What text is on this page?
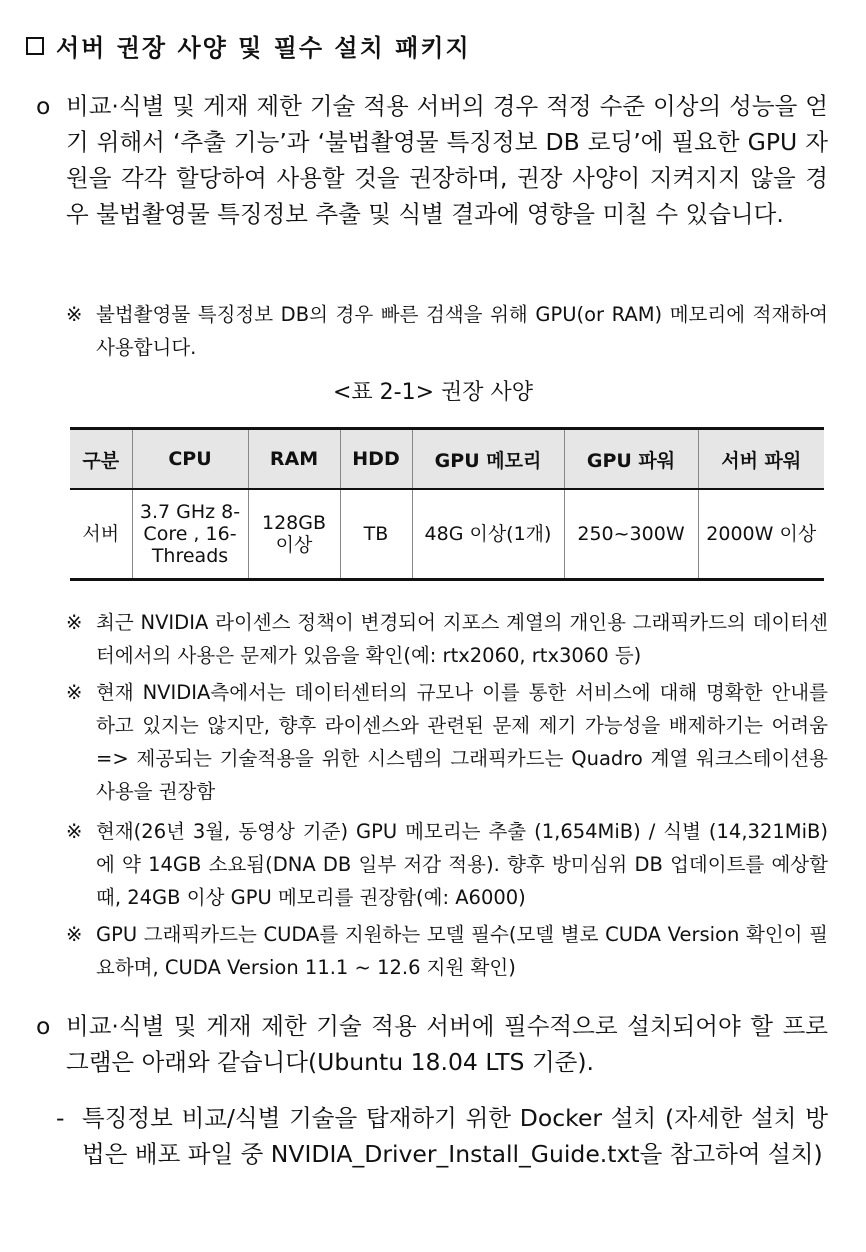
서버 권장 사양 및 필수 설치 패키지
o 비교·식별 및 게재 제한 기술 적용 서버의 경우 적정 수준 이상의 성능을 얻기 위해서 ‘추출 기능’과 ‘불법촬영물 특징정보 DB 로딩’에 필요한 GPU 자원을 각각 할당하여 사용할 것을 권장하며, 권장 사양이 지켜지지 않을 경우 불법촬영물 특징정보 추출 및 식별 결과에 영향을 미칠 수 있습니다.
※ 불법촬영물 특징정보 DB의 경우 빠른 검색을 위해 GPU(or RAM) 메모리에 적재하여 사용합니다.
<표 2-1> 권장 사양
구분	CPU	RAM	HDD	GPU 메모리	GPU 파워	서버 파워
서버	3.7 GHz 8-Core , 16-Threads	128GB 이상	TB	48G 이상(1개)	250~300W	2000W 이상
※ 최근 NVIDIA 라이센스 정책이 변경되어 지포스 계열의 개인용 그래픽카드의 데이터센터에서의 사용은 문제가 있음을 확인(예: rtx2060, rtx3060 등)
※ 현재 NVIDIA측에서는 데이터센터의 규모나 이를 통한 서비스에 대해 명확한 안내를 하고 있지는 않지만, 향후 라이센스와 관련된 문제 제기 가능성을 배제하기는 어려움 => 제공되는 기술적용을 위한 시스템의 그래픽카드는 Quadro 계열 워크스테이션용 사용을 권장함
※ 현재(26년 3월, 동영상 기준) GPU 메모리는 추출 (1,654MiB) / 식별 (14,321MiB)에 약 14GB 소요됨(DNA DB 일부 저감 적용). 향후 방미심위 DB 업데이트를 예상할 때, 24GB 이상 GPU 메모리를 권장함(예: A6000)
※ GPU 그래픽카드는 CUDA를 지원하는 모델 필수(모델 별로 CUDA Version 확인이 필요하며, CUDA Version 11.1 ~ 12.6 지원 확인)
o 비교·식별 및 게재 제한 기술 적용 서버에 필수적으로 설치되어야 할 프로그램은 아래와 같습니다(Ubuntu 18.04 LTS 기준).
- 특징정보 비교/식별 기술을 탑재하기 위한 Docker 설치 (자세한 설치 방법은 배포 파일 중 NVIDIA_Driver_Install_Guide.txt을 참고하여 설치)
